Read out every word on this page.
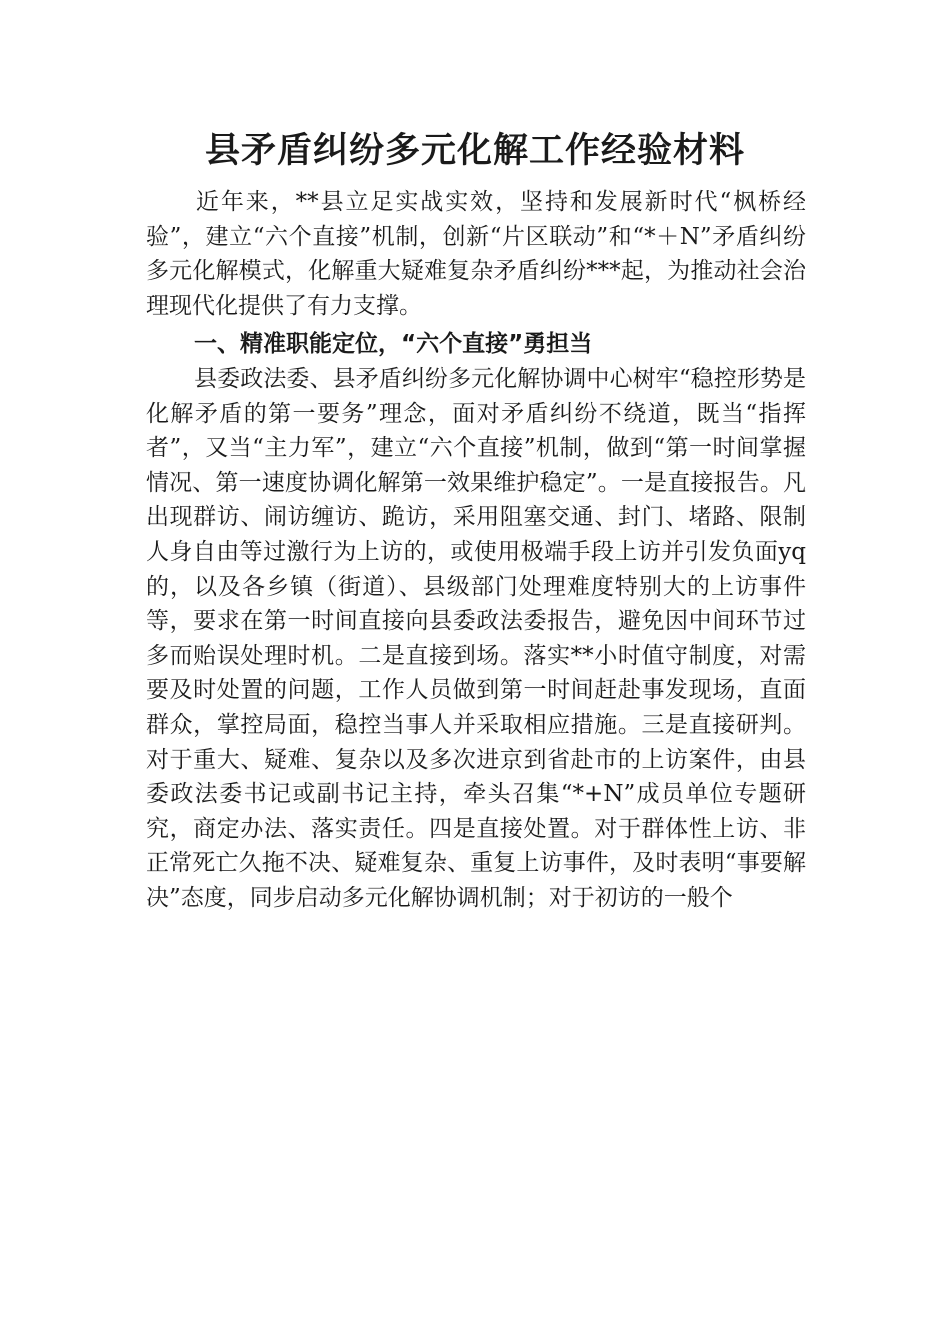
县矛盾纠纷多元化解工作经验材料

近年来，**县立足实战实效，坚持和发展新时代“枫桥经验”，建立“六个直接”机制，创新“片区联动”和“*＋N”矛盾纠纷多元化解模式，化解重大疑难复杂矛盾纠纷***起，为推动社会治理现代化提供了有力支撑。

一、精准职能定位，“六个直接”勇担当

县委政法委、县矛盾纠纷多元化解协调中心树牢“稳控形势是化解矛盾的第一要务”理念，面对矛盾纠纷不绕道，既当“指挥者”，又当“主力军”，建立“六个直接”机制，做到“第一时间掌握情况、第一速度协调化解第一效果维护稳定”。一是直接报告。凡出现群访、闹访缠访、跪访，采用阻塞交通、封门、堵路、限制人身自由等过激行为上访的，或使用极端手段上访并引发负面yq的，以及各乡镇（街道）、县级部门处理难度特别大的上访事件等，要求在第一时间直接向县委政法委报告，避免因中间环节过多而贻误处理时机。二是直接到场。落实**小时值守制度，对需要及时处置的问题，工作人员做到第一时间赶赴事发现场，直面群众，掌控局面，稳控当事人并采取相应措施。三是直接研判。对于重大、疑难、复杂以及多次进京到省赴市的上访案件，由县委政法委书记或副书记主持，牵头召集“*+N”成员单位专题研究，商定办法、落实责任。四是直接处置。对于群体性上访、非正常死亡久拖不决、疑难复杂、重复上访事件，及时表明“事要解决”态度，同步启动多元化解协调机制；对于初访的一般个
